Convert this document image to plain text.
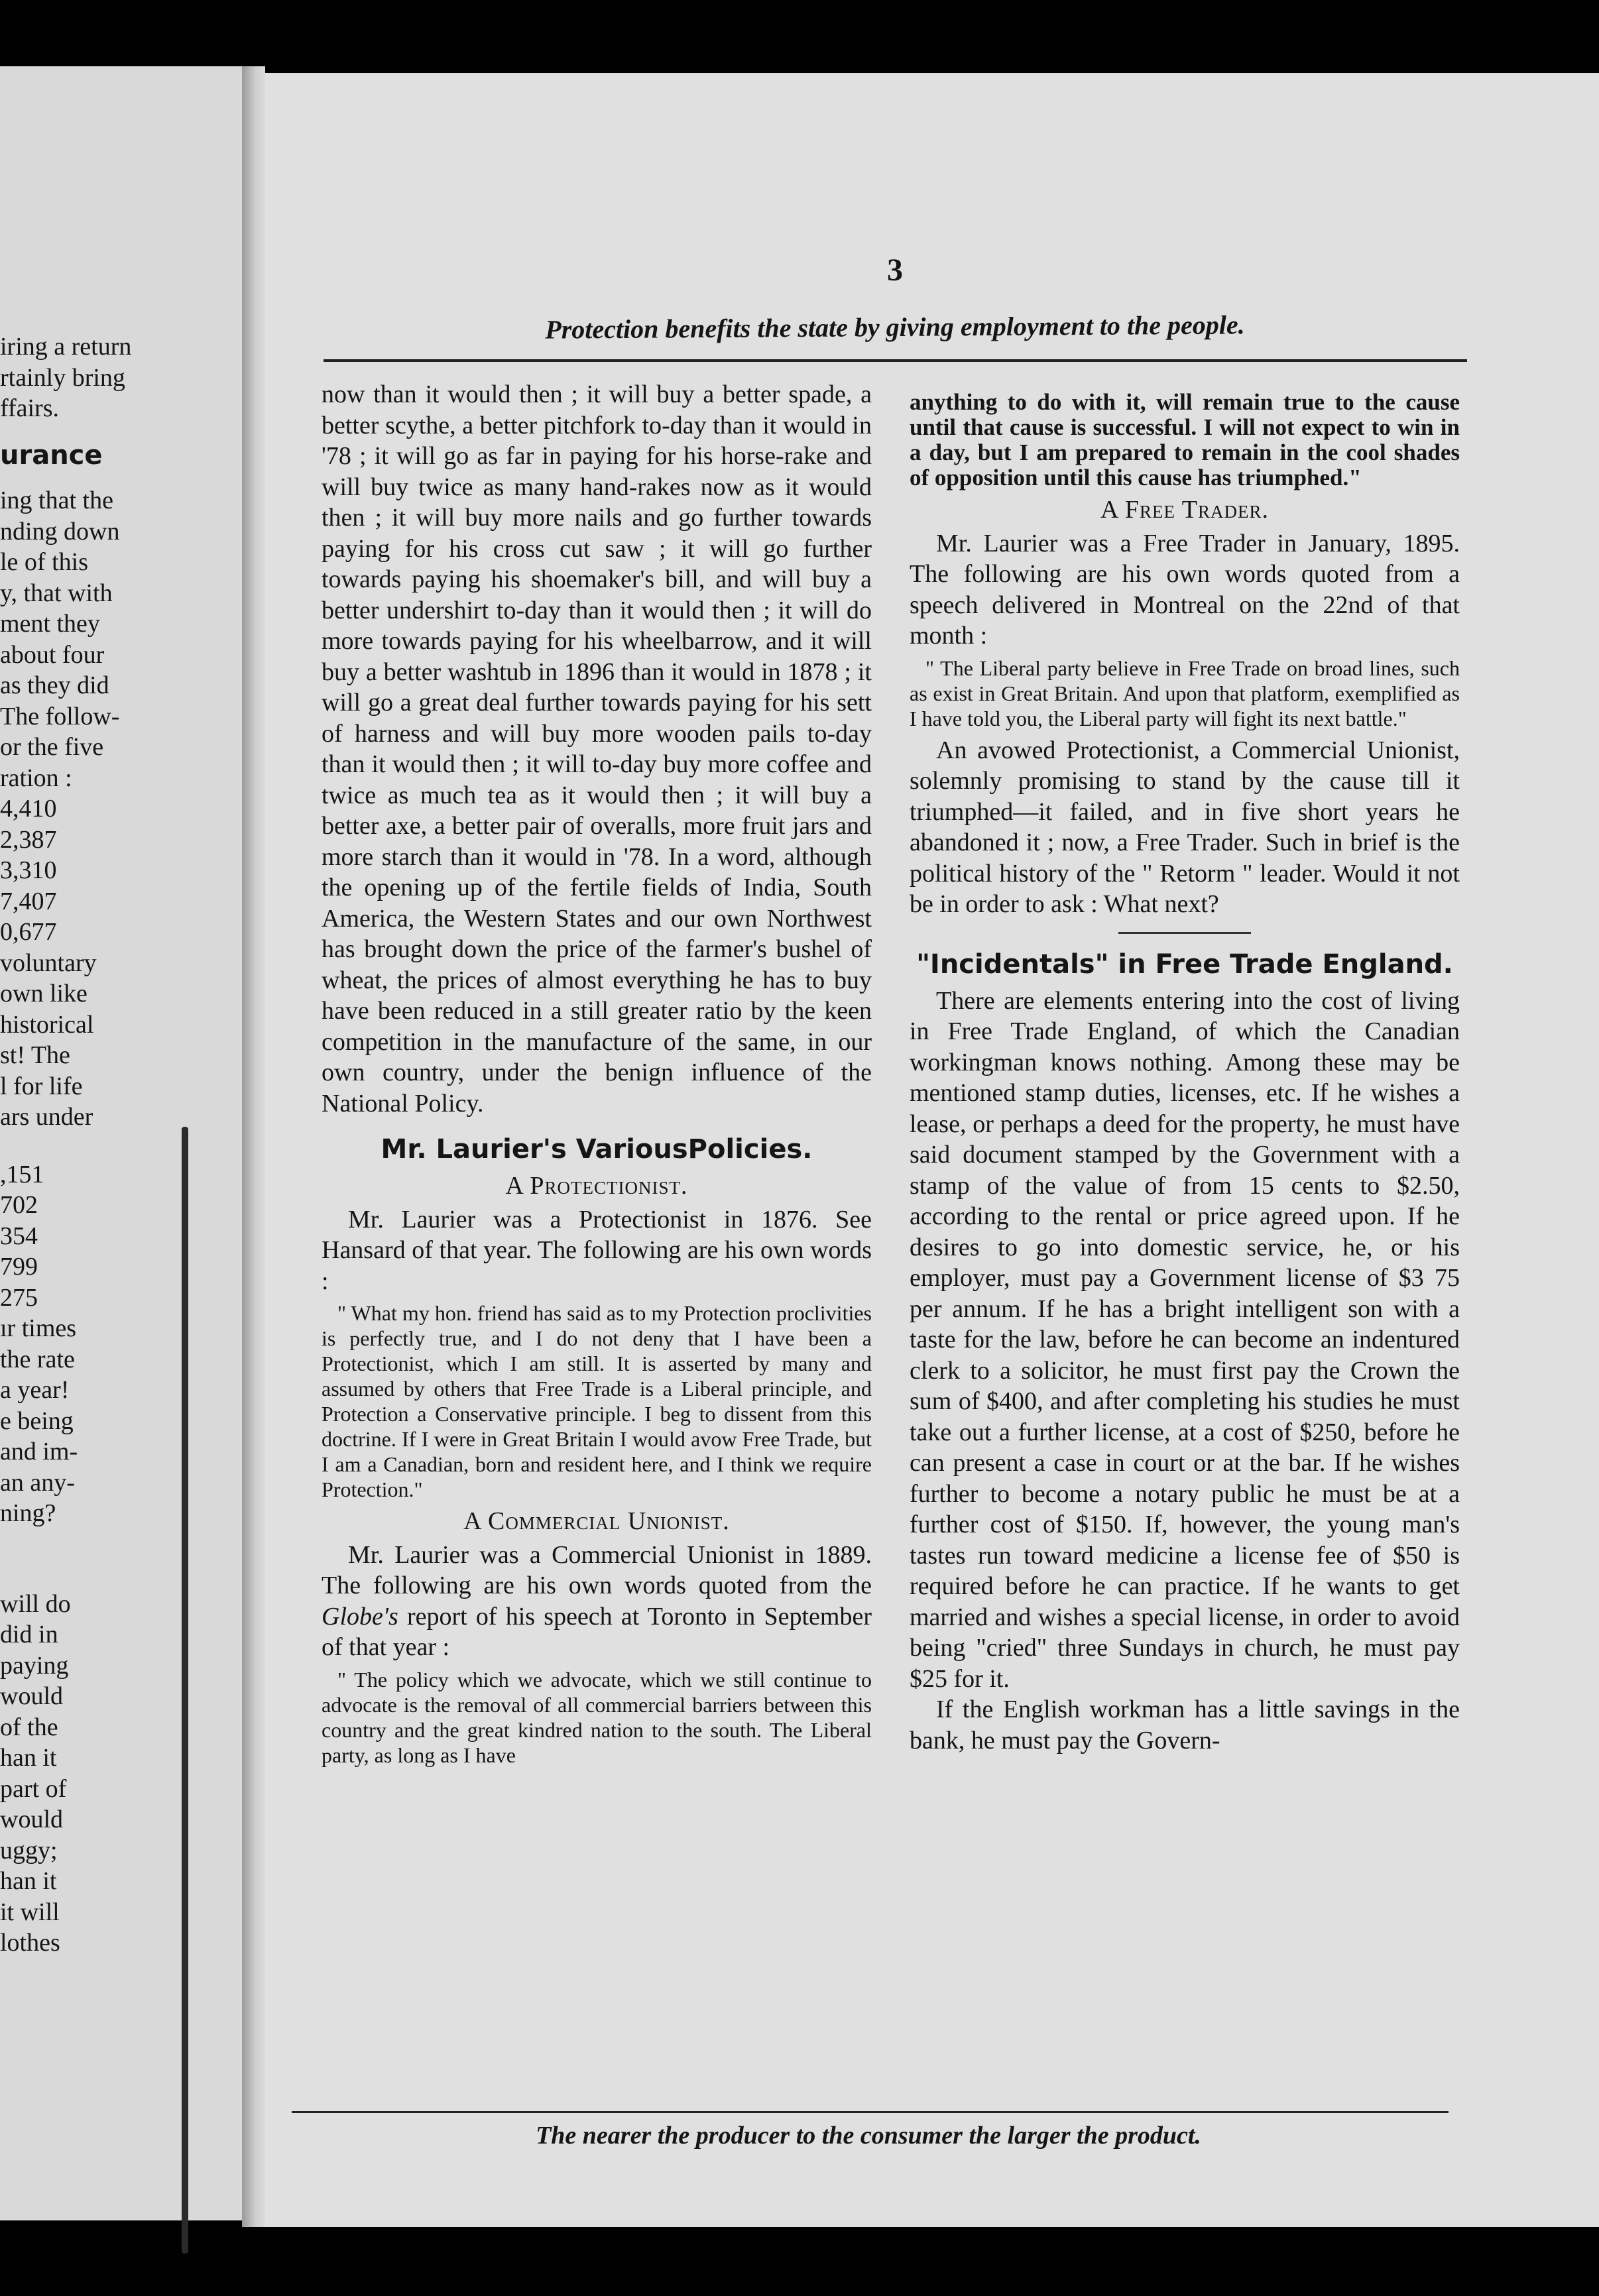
iring a return
rtainly bring
ffairs.
urance
ing that the
nding down
le of this
y, that with
ment they
about four
as they did
The follow-
or the five
ration :
4,410
2,387
3,310
7,407
0,677
voluntary
own like
historical
st! The
l for life
ars under
,151
702
354
799
275
ır times
the rate
a year!
e being
and im-
an any-
ning?
will do
did in
paying
would
of the
han it
part of
would
uggy;
han it
it will
lothes
3
Protection benefits the state by giving employment to the people.

now than it would then ; it will buy a better spade, a better scythe, a better pitchfork to-day than it would in '78 ; it will go as far in paying for his horse-rake and will buy twice as many hand-rakes now as it would then ; it will buy more nails and go further towards paying for his cross cut saw ; it will go further towards paying his shoemaker's bill, and will buy a better undershirt to-day than it would then ; it will do more towards paying for his wheelbarrow, and it will buy a better washtub in 1896 than it would in 1878 ; it will go a great deal further towards paying for his sett of harness and will buy more wooden pails to-day than it would then ; it will to-day buy more coffee and twice as much tea as it would then ; it will buy a better axe, a better pair of overalls, more fruit jars and more starch than it would in '78. In a word, although the opening up of the fertile fields of India, South America, the Western States and our own Northwest has brought down the price of the farmer's bushel of wheat, the prices of almost everything he has to buy have been reduced in a still greater ratio by the keen competition in the manufacture of the same, in our own country, under the benign influence of the National Policy.

Mr. Laurier's VariousPolicies.
A Protectionist.

Mr. Laurier was a Protectionist in 1876. See Hansard of that year. The following are his own words :

" What my hon. friend has said as to my Protection proclivities is perfectly true, and I do not deny that I have been a Protectionist, which I am still. It is asserted by many and assumed by others that Free Trade is a Liberal principle, and Protection a Conservative principle. I beg to dissent from this doctrine. If I were in Great Britain I would avow Free Trade, but I am a Canadian, born and resident here, and I think we require Protection."

A Commercial Unionist.

Mr. Laurier was a Commercial Unionist in 1889. The following are his own words quoted from the Globe's report of his speech at Toronto in September of that year :

" The policy which we advocate, which we still continue to advocate is the removal of all commercial barriers between this country and the great kindred nation to the south. The Liberal party, as long as I have

anything to do with it, will remain true to the cause until that cause is successful. I will not expect to win in a day, but I am prepared to remain in the cool shades of opposition until this cause has triumphed."

A Free Trader.

Mr. Laurier was a Free Trader in January, 1895. The following are his own words quoted from a speech delivered in Montreal on the 22nd of that month :

" The Liberal party believe in Free Trade on broad lines, such as exist in Great Britain. And upon that platform, exemplified as I have told you, the Liberal party will fight its next battle."

An avowed Protectionist, a Commercial Unionist, solemnly promising to stand by the cause till it triumphed—it failed, and in five short years he abandoned it ; now, a Free Trader. Such in brief is the political history of the " Retorm " leader. Would it not be in order to ask : What next?

"Incidentals" in Free Trade England.

There are elements entering into the cost of living in Free Trade England, of which the Canadian workingman knows nothing. Among these may be mentioned stamp duties, licenses, etc. If he wishes a lease, or perhaps a deed for the property, he must have said document stamped by the Government with a stamp of the value of from 15 cents to $2.50, according to the rental or price agreed upon. If he desires to go into domestic service, he, or his employer, must pay a Government license of $3 75 per annum. If he has a bright intelligent son with a taste for the law, before he can become an indentured clerk to a solicitor, he must first pay the Crown the sum of $400, and after completing his studies he must take out a further license, at a cost of $250, before he can present a case in court or at the bar. If he wishes further to become a notary public he must be at a further cost of $150. If, however, the young man's tastes run toward medicine a license fee of $50 is required before he can practice. If he wants to get married and wishes a special license, in order to avoid being "cried" three Sundays in church, he must pay $25 for it.

If the English workman has a little savings in the bank, he must pay the Govern-

The nearer the producer to the consumer the larger the product.
